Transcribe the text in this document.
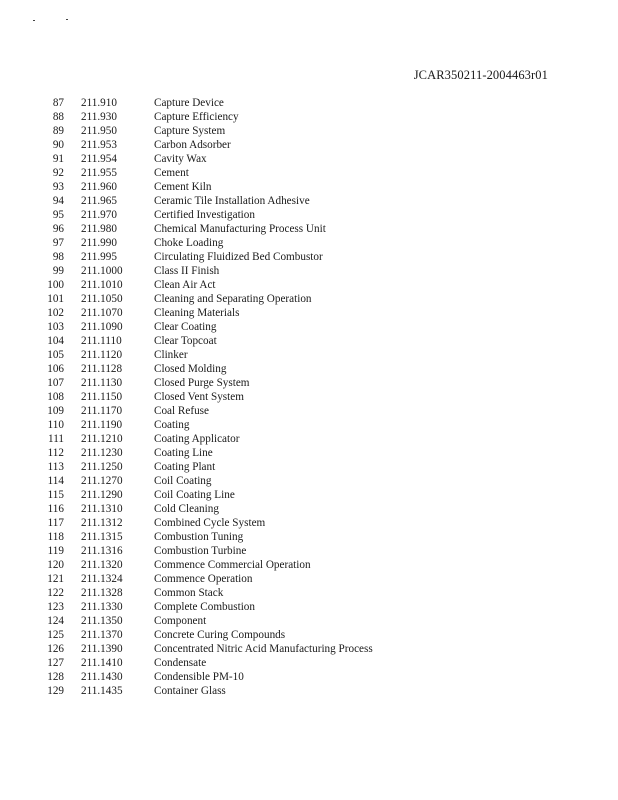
JCAR350211-2004463r01
87 211.910	Capture Device
88 211.930	Capture Efficiency
89 211.950	Capture System
90 211.953	Carbon Adsorber
91 211.954	Cavity Wax
92 211.955	Cement
93 211.960	Cement Kiln
94 211.965	Ceramic Tile Installation Adhesive
95 211.970	Certified Investigation
96 211.980	Chemical Manufacturing Process Unit
97 211.990	Choke Loading
98 211.995	Circulating Fluidized Bed Combustor
99 211.1000	Class II Finish
100 211.1010	Clean Air Act
101 211.1050	Cleaning and Separating Operation
102 211.1070	Cleaning Materials
103 211.1090	Clear Coating
104 211.1110	Clear Topcoat
105 211.1120	Clinker
106 211.1128	Closed Molding
107 211.1130	Closed Purge System
108 211.1150	Closed Vent System
109 211.1170	Coal Refuse
110 211.1190	Coating
111 211.1210	Coating Applicator
112 211.1230	Coating Line
113 211.1250	Coating Plant
114 211.1270	Coil Coating
115 211.1290	Coil Coating Line
116 211.1310	Cold Cleaning
117 211.1312	Combined Cycle System
118 211.1315	Combustion Tuning
119 211.1316	Combustion Turbine
120 211.1320	Commence Commercial Operation
121 211.1324	Commence Operation
122 211.1328	Common Stack
123 211.1330	Complete Combustion
124 211.1350	Component
125 211.1370	Concrete Curing Compounds
126 211.1390	Concentrated Nitric Acid Manufacturing Process
127 211.1410	Condensate
128 211.1430	Condensible PM-10
129 211.1435	Container Glass
